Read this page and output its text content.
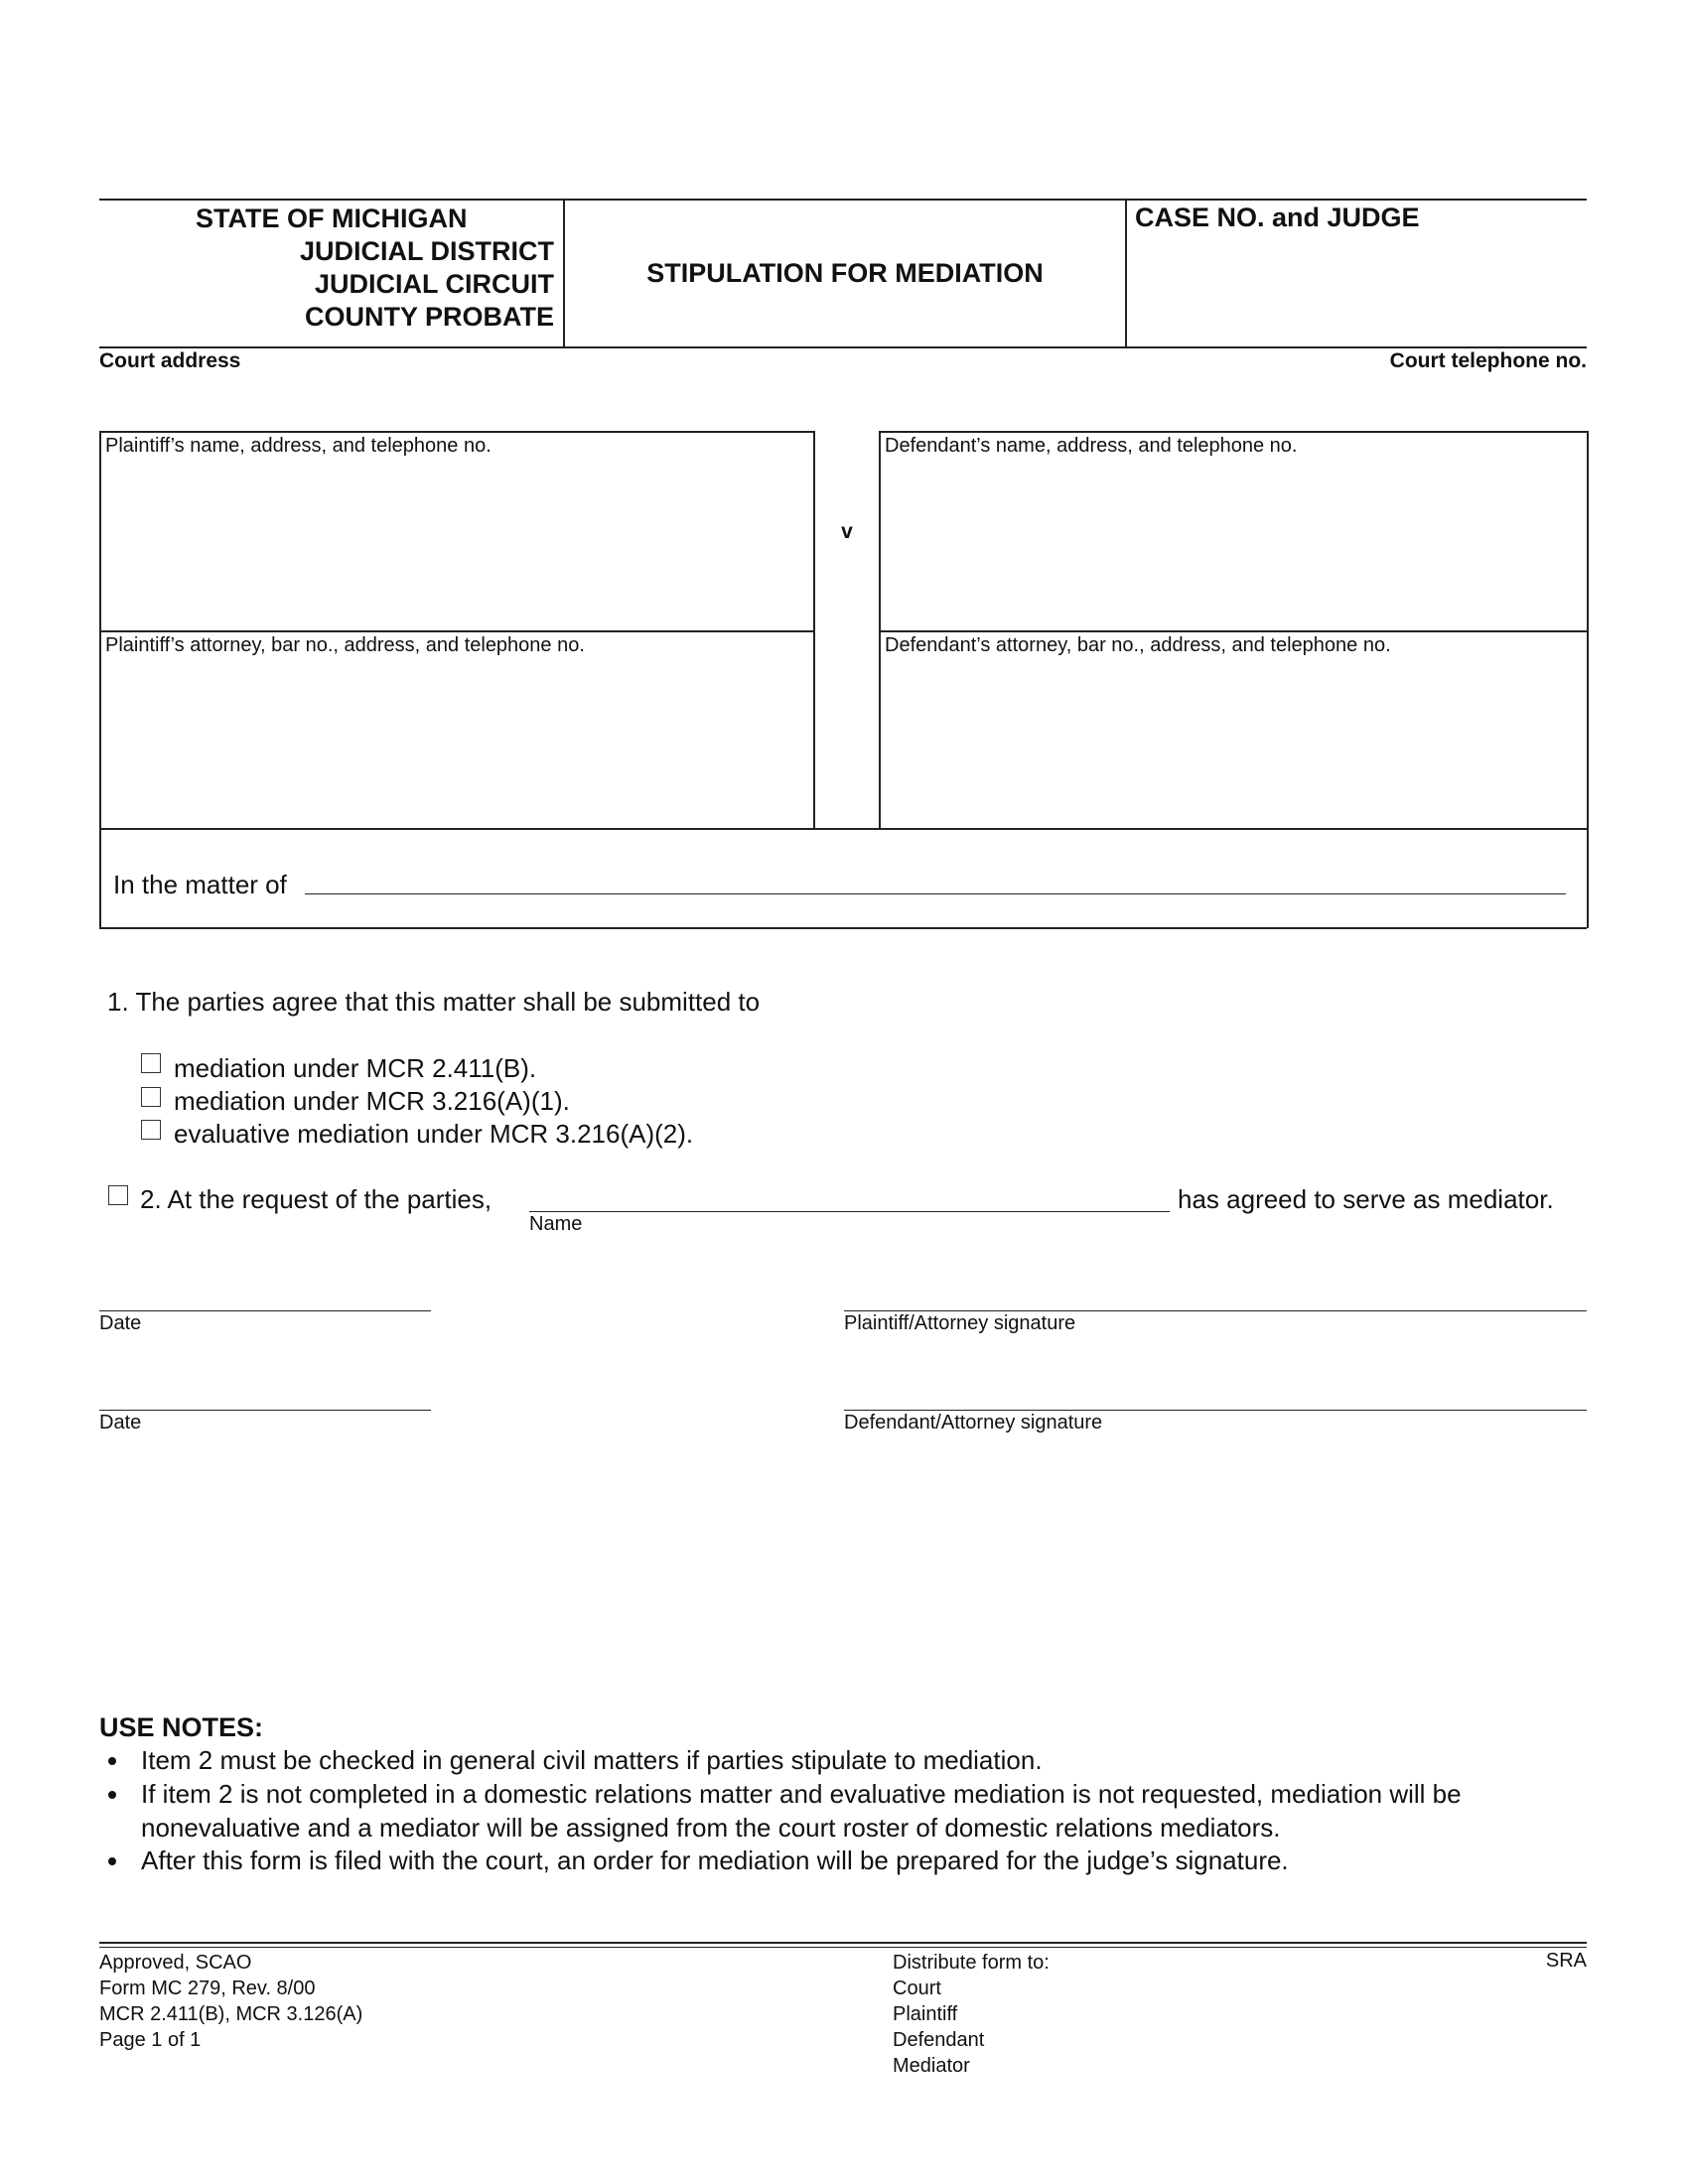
STATE OF MICHIGAN
JUDICIAL DISTRICT
JUDICIAL CIRCUIT
COUNTY PROBATE
STIPULATION FOR MEDIATION
CASE NO. and JUDGE
Court address	Court telephone no.
Plaintiff’s name, address, and telephone no.	Defendant’s name, address, and telephone no.
v
Plaintiff’s attorney, bar no., address, and telephone no.	Defendant’s attorney, bar no., address, and telephone no.
In the matter of
1. The parties agree that this matter shall be submitted to
mediation under MCR 2.411(B).
mediation under MCR 3.216(A)(1).
evaluative mediation under MCR 3.216(A)(2).
2. At the request of the parties,	has agreed to serve as mediator.
Name
Date	Plaintiff/Attorney signature
Date	Defendant/Attorney signature
USE NOTES:
Item 2 must be checked in general civil matters if parties stipulate to mediation.
If item 2 is not completed in a domestic relations matter and evaluative mediation is not requested, mediation will be
nonevaluative and a mediator will be assigned from the court roster of domestic relations mediators.
After this form is filed with the court, an order for mediation will be prepared for the judge’s signature.
Approved, SCAO
Form MC 279, Rev. 8/00
MCR 2.411(B), MCR 3.126(A)
Page 1 of 1
Distribute form to:
Court
Plaintiff
Defendant
Mediator
SRA
